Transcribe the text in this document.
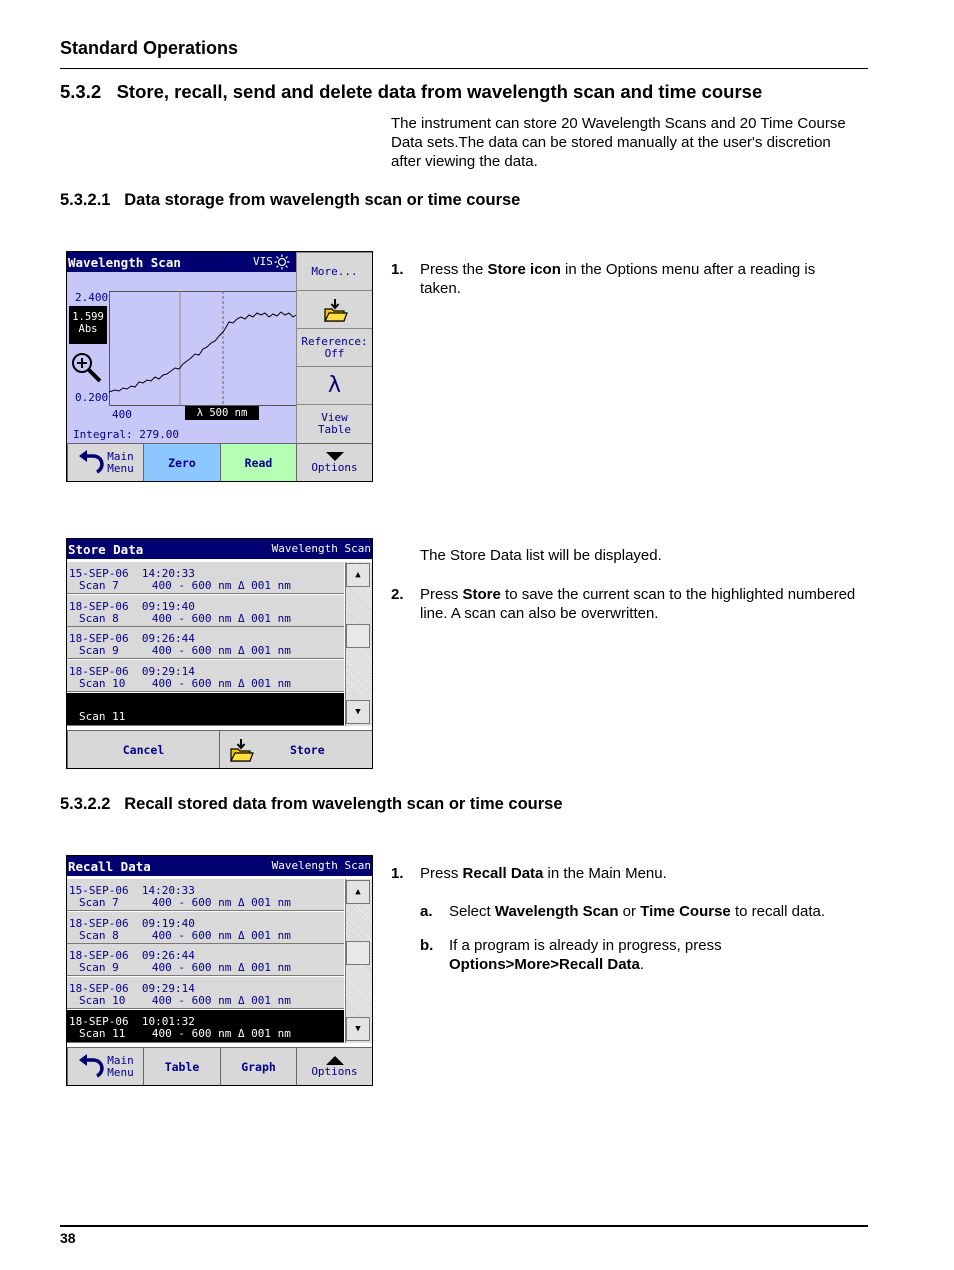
Standard Operations
5.3.2 Store, recall, send and delete data from wavelength scan and time course
The instrument can store 20 Wavelength Scans and 20 Time Course Data sets.The data can be stored manually at the user's discretion after viewing the data.
5.3.2.1 Data storage from wavelength scan or time course
Wavelength Scan	VIS
2.400
0.200
1.599
Abs
400	λ 500 nm
Integral: 279.00
More...
Reference:
Off
λ
View
Table
Main
Menu	Zero	Read	Options
1. Press the Store icon in the Options menu after a reading is taken.
Store Data	Wavelength Scan
15-SEP-06  14:20:33
Scan 7     400 - 600 nm Δ 001 nm
18-SEP-06  09:19:40
Scan 8     400 - 600 nm Δ 001 nm
18-SEP-06  09:26:44
Scan 9     400 - 600 nm Δ 001 nm
18-SEP-06  09:29:14
Scan 10    400 - 600 nm Δ 001 nm
Scan 11
▲
▼
Cancel	Store
The Store Data list will be displayed.
2. Press Store to save the current scan to the highlighted numbered line. A scan can also be overwritten.
5.3.2.2 Recall stored data from wavelength scan or time course
Recall Data	Wavelength Scan
15-SEP-06  14:20:33
Scan 7     400 - 600 nm Δ 001 nm
18-SEP-06  09:19:40
Scan 8     400 - 600 nm Δ 001 nm
18-SEP-06  09:26:44
Scan 9     400 - 600 nm Δ 001 nm
18-SEP-06  09:29:14
Scan 10    400 - 600 nm Δ 001 nm
18-SEP-06  10:01:32
Scan 11    400 - 600 nm Δ 001 nm
▲
▼
Main
Menu	Table	Graph	Options
1. Press Recall Data in the Main Menu.
a. Select Wavelength Scan or Time Course to recall data.
b. If a program is already in progress, press Options>More>Recall Data.
38
